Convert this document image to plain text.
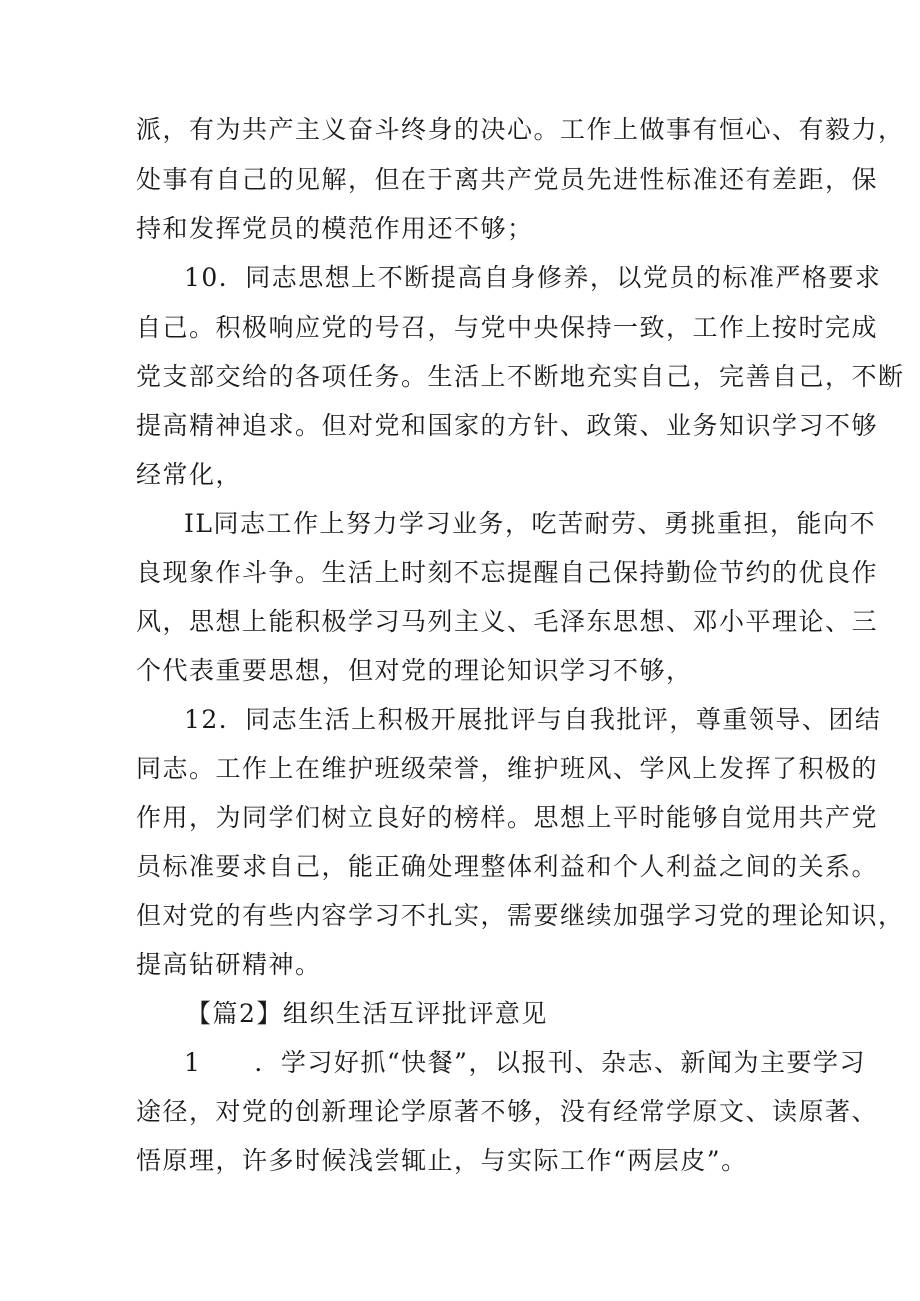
派，有为共产主义奋斗终身的决心。工作上做事有恒心、有毅力，
处事有自己的见解，但在于离共产党员先进性标准还有差距，保
持和发挥党员的模范作用还不够；
10．同志思想上不断提高自身修养，以党员的标准严格要求
自己。积极响应党的号召，与党中央保持一致，工作上按时完成
党支部交给的各项任务。生活上不断地充实自己，完善自己，不断
提高精神追求。但对党和国家的方针、政策、业务知识学习不够
经常化，
IL同志工作上努力学习业务，吃苦耐劳、勇挑重担，能向不
良现象作斗争。生活上时刻不忘提醒自己保持勤俭节约的优良作
风，思想上能积极学习马列主义、毛泽东思想、邓小平理论、三
个代表重要思想，但对党的理论知识学习不够，
12．同志生活上积极开展批评与自我批评，尊重领导、团结
同志。工作上在维护班级荣誉，维护班风、学风上发挥了积极的
作用，为同学们树立良好的榜样。思想上平时能够自觉用共产党
员标准要求自己，能正确处理整体利益和个人利益之间的关系。
但对党的有些内容学习不扎实，需要继续加强学习党的理论知识，
提高钻研精神。
【篇2】组织生活互评批评意见
1　　．学习好抓“快餐”，以报刊、杂志、新闻为主要学习
途径，对党的创新理论学原著不够，没有经常学原文、读原著、
悟原理，许多时候浅尝辄止，与实际工作“两层皮”。
